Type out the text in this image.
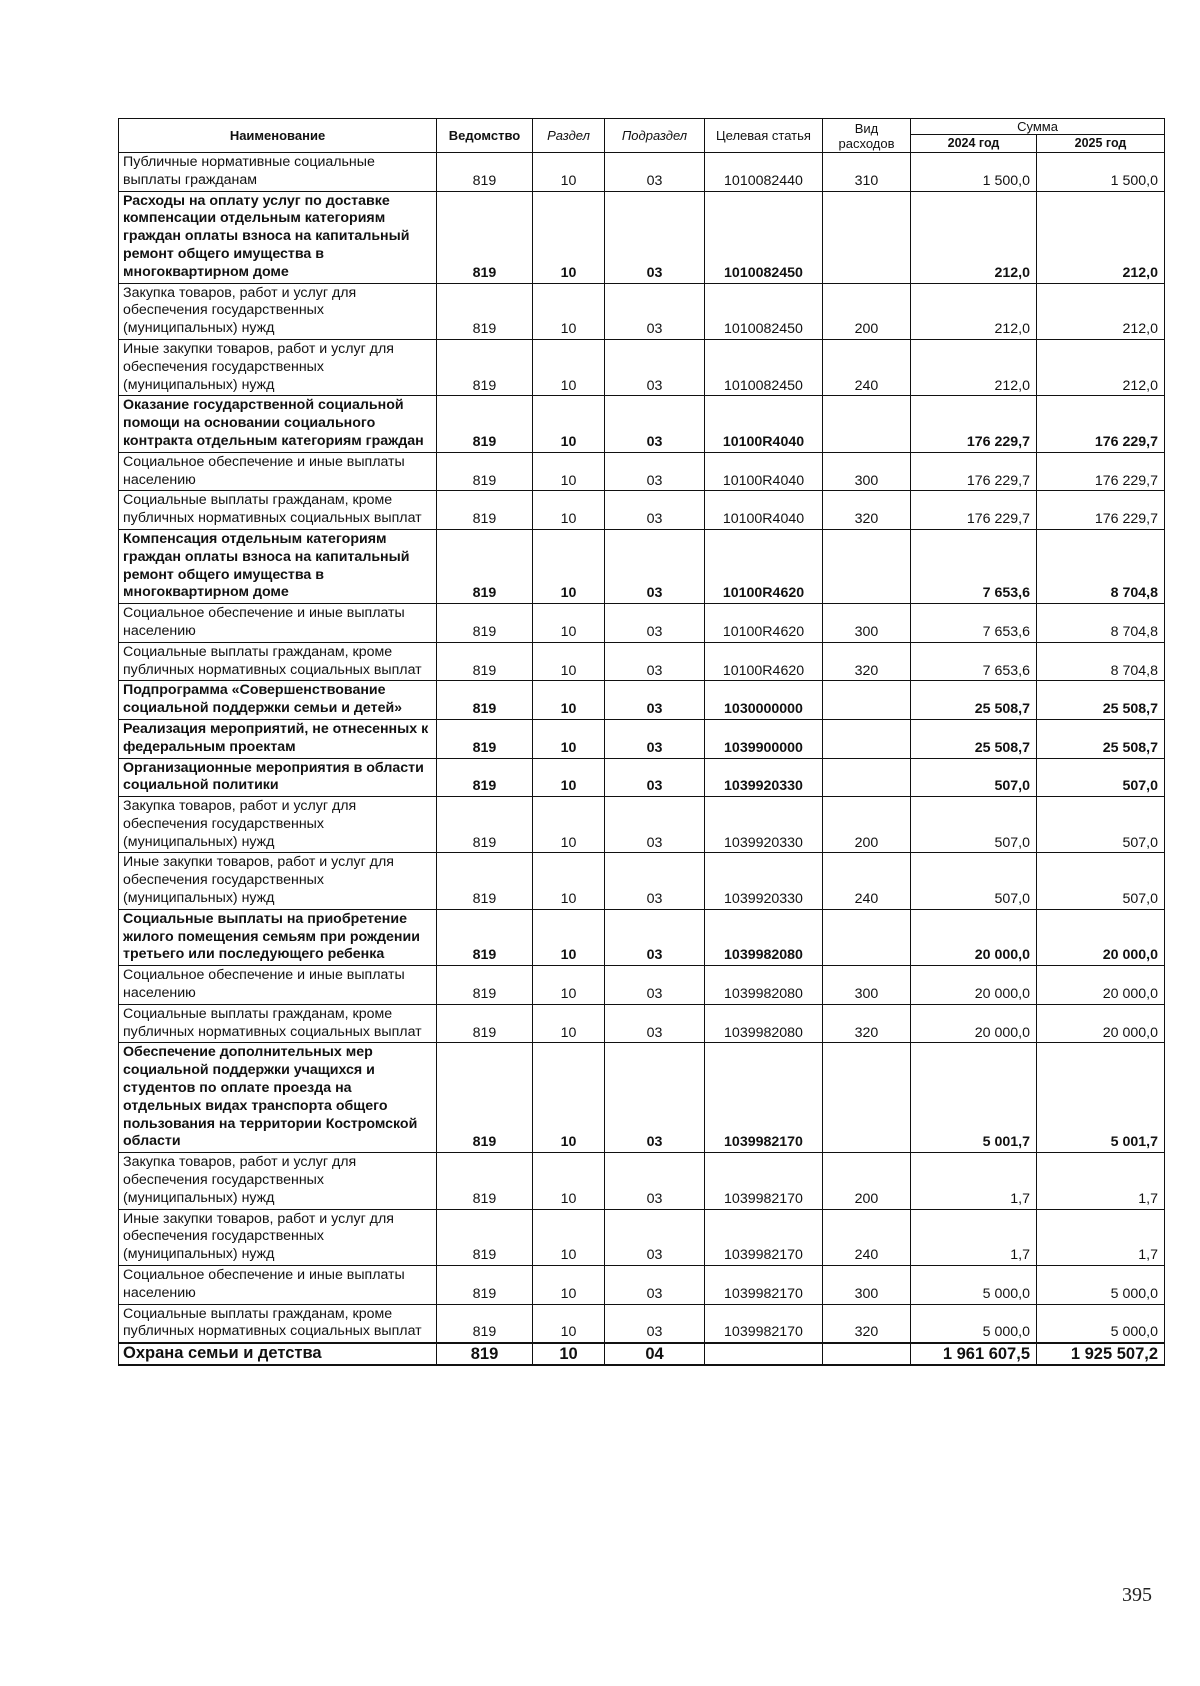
Наименование	Ведомство	Раздел	Подраздел	Целевая статья	Вид расходов	Сумма	
						2024 год	2025 год
Публичные нормативные социальные выплаты гражданам	819	10	03	1010082440	310	1 500,0	1 500,0
Расходы на оплату услуг по доставке компенсации отдельным категориям граждан оплаты взноса на капитальный ремонт общего имущества в многоквартирном доме	819	10	03	1010082450		212,0	212,0
Закупка товаров, работ и услуг для обеспечения государственных (муниципальных) нужд	819	10	03	1010082450	200	212,0	212,0
Иные закупки товаров, работ и услуг для обеспечения государственных (муниципальных) нужд	819	10	03	1010082450	240	212,0	212,0
Оказание государственной социальной помощи на основании социального контракта отдельным категориям граждан	819	10	03	10100R4040		176 229,7	176 229,7
Социальное обеспечение и иные выплаты населению	819	10	03	10100R4040	300	176 229,7	176 229,7
Социальные выплаты гражданам, кроме публичных нормативных социальных выплат	819	10	03	10100R4040	320	176 229,7	176 229,7
Компенсация отдельным категориям граждан оплаты взноса на капитальный ремонт общего имущества в многоквартирном доме	819	10	03	10100R4620		7 653,6	8 704,8
Социальное обеспечение и иные выплаты населению	819	10	03	10100R4620	300	7 653,6	8 704,8
Социальные выплаты гражданам, кроме публичных нормативных социальных выплат	819	10	03	10100R4620	320	7 653,6	8 704,8
Подпрограмма «Совершенствование социальной поддержки семьи и детей»	819	10	03	1030000000		25 508,7	25 508,7
Реализация мероприятий, не отнесенных к федеральным проектам	819	10	03	1039900000		25 508,7	25 508,7
Организационные мероприятия в области социальной политики	819	10	03	1039920330		507,0	507,0
Закупка товаров, работ и услуг для обеспечения государственных (муниципальных) нужд	819	10	03	1039920330	200	507,0	507,0
Иные закупки товаров, работ и услуг для обеспечения государственных (муниципальных) нужд	819	10	03	1039920330	240	507,0	507,0
Социальные выплаты на приобретение жилого помещения семьям при рождении третьего или последующего ребенка	819	10	03	1039982080		20 000,0	20 000,0
Социальное обеспечение и иные выплаты населению	819	10	03	1039982080	300	20 000,0	20 000,0
Социальные выплаты гражданам, кроме публичных нормативных социальных выплат	819	10	03	1039982080	320	20 000,0	20 000,0
Обеспечение дополнительных мер социальной поддержки учащихся и студентов по оплате проезда на отдельных видах транспорта общего пользования на территории Костромской области	819	10	03	1039982170		5 001,7	5 001,7
Закупка товаров, работ и услуг для обеспечения государственных (муниципальных) нужд	819	10	03	1039982170	200	1,7	1,7
Иные закупки товаров, работ и услуг для обеспечения государственных (муниципальных) нужд	819	10	03	1039982170	240	1,7	1,7
Социальное обеспечение и иные выплаты населению	819	10	03	1039982170	300	5 000,0	5 000,0
Социальные выплаты гражданам, кроме публичных нормативных социальных выплат	819	10	03	1039982170	320	5 000,0	5 000,0
Охрана семьи и детства	819	10	04			1 961 607,5	1 925 507,2
395
